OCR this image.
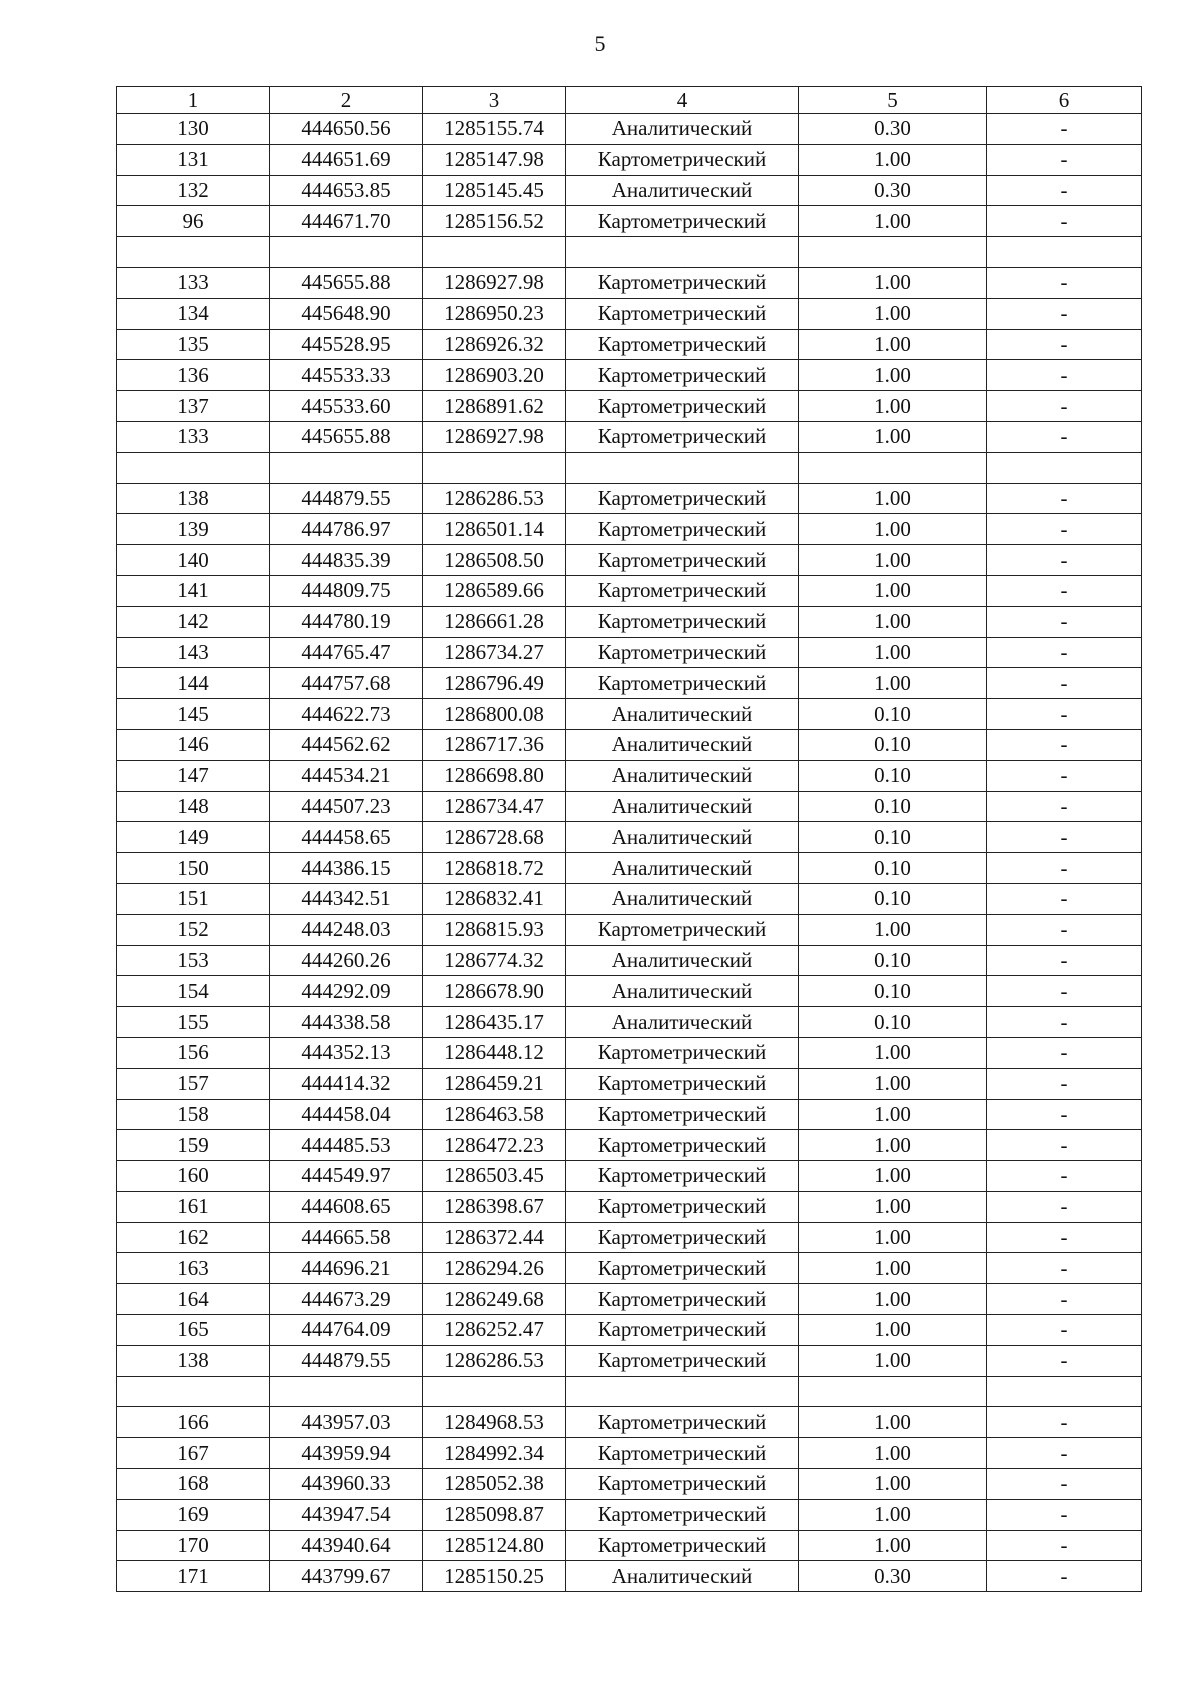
5
1	2	3	4	5	6
130	444650.56	1285155.74	Аналитический	0.30	-
131	444651.69	1285147.98	Картометрический	1.00	-
132	444653.85	1285145.45	Аналитический	0.30	-
96	444671.70	1285156.52	Картометрический	1.00	-

133	445655.88	1286927.98	Картометрический	1.00	-
134	445648.90	1286950.23	Картометрический	1.00	-
135	445528.95	1286926.32	Картометрический	1.00	-
136	445533.33	1286903.20	Картометрический	1.00	-
137	445533.60	1286891.62	Картометрический	1.00	-
133	445655.88	1286927.98	Картометрический	1.00	-

138	444879.55	1286286.53	Картометрический	1.00	-
139	444786.97	1286501.14	Картометрический	1.00	-
140	444835.39	1286508.50	Картометрический	1.00	-
141	444809.75	1286589.66	Картометрический	1.00	-
142	444780.19	1286661.28	Картометрический	1.00	-
143	444765.47	1286734.27	Картометрический	1.00	-
144	444757.68	1286796.49	Картометрический	1.00	-
145	444622.73	1286800.08	Аналитический	0.10	-
146	444562.62	1286717.36	Аналитический	0.10	-
147	444534.21	1286698.80	Аналитический	0.10	-
148	444507.23	1286734.47	Аналитический	0.10	-
149	444458.65	1286728.68	Аналитический	0.10	-
150	444386.15	1286818.72	Аналитический	0.10	-
151	444342.51	1286832.41	Аналитический	0.10	-
152	444248.03	1286815.93	Картометрический	1.00	-
153	444260.26	1286774.32	Аналитический	0.10	-
154	444292.09	1286678.90	Аналитический	0.10	-
155	444338.58	1286435.17	Аналитический	0.10	-
156	444352.13	1286448.12	Картометрический	1.00	-
157	444414.32	1286459.21	Картометрический	1.00	-
158	444458.04	1286463.58	Картометрический	1.00	-
159	444485.53	1286472.23	Картометрический	1.00	-
160	444549.97	1286503.45	Картометрический	1.00	-
161	444608.65	1286398.67	Картометрический	1.00	-
162	444665.58	1286372.44	Картометрический	1.00	-
163	444696.21	1286294.26	Картометрический	1.00	-
164	444673.29	1286249.68	Картометрический	1.00	-
165	444764.09	1286252.47	Картометрический	1.00	-
138	444879.55	1286286.53	Картометрический	1.00	-

166	443957.03	1284968.53	Картометрический	1.00	-
167	443959.94	1284992.34	Картометрический	1.00	-
168	443960.33	1285052.38	Картометрический	1.00	-
169	443947.54	1285098.87	Картометрический	1.00	-
170	443940.64	1285124.80	Картометрический	1.00	-
171	443799.67	1285150.25	Аналитический	0.30	-
